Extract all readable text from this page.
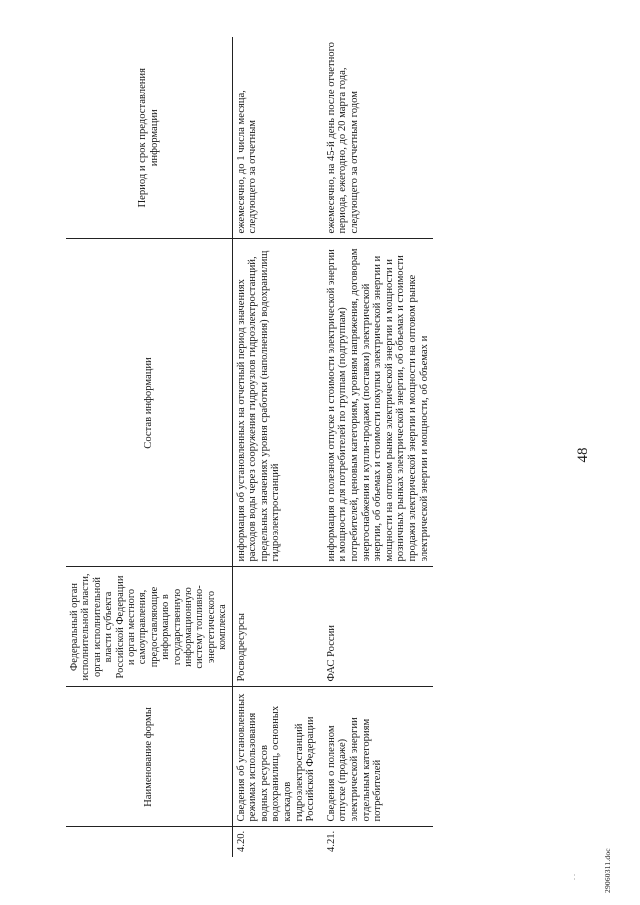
48
	Наименование формы	Федеральный орган исполнительной власти, орган исполнительной власти субъекта Российской Федерации и орган местного самоуправления, предоставляющие информацию в государственную информационную систему топливно-энергетического комплекса	Состав информации	Период и срок предоставления информации
4.20.	Сведения об установленных режимах использования водных ресурсов водохранилищ, основных каскадов гидроэлектростанций Российской Федерации	Росводресурсы	информация об установленных на отчетный период значениях расходов воды через сооружения гидроузлов гидроэлектростанций, предельных значениях уровня сработки (наполнения) водохранилищ гидроэлектростанций	ежемесячно, до 1 числа месяца, следующего за отчетным
4.21.	Сведения о полезном отпуске (продаже) электрической энергии отдельным категориям потребителей	ФАС России	информация о полезном отпуске и стоимости электрической энергии и мощности для потребителей по группам (подгруппам) потребителей, ценовым категориям, уровням напряжения, договорам энергоснабжения и купли-продажи (поставки) электрической энергии, об объемах и стоимости покупки электрической энергии и мощности на оптовом рынке электрической энергии и мощности и розничных рынках электрической энергии, об объемах и стоимости продажи электрической энергии и мощности на оптовом рынке электрической энергии и мощности, об объемах и	ежемесячно, на 45-й день после отчетного периода, ежегодно, до 20 марта года, следующего за отчетным годом
. .	29060311.doc
